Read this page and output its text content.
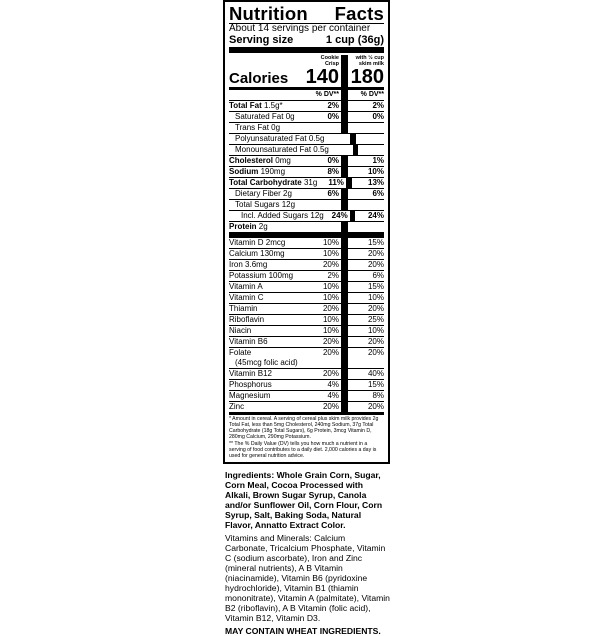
Nutrition Facts
About 14 servings per container
Serving size	1 cup (36g)
Cookie Crisp
with ½ cup skim milk
Calories 140 180
% DV**	% DV**
Total Fat 1.5g*	2%	2%
Saturated Fat 0g	0%	0%
Trans Fat 0g
Polyunsaturated Fat 0.5g
Monounsaturated Fat 0.5g
Cholesterol 0mg	0%	1%
Sodium 190mg	8%	10%
Total Carbohydrate 31g	11%	13%
Dietary Fiber 2g	6%	6%
Total Sugars 12g
Incl. Added Sugars 12g 24%	24%
Protein 2g
Vitamin D 2mcg	10%	15%
Calcium 130mg	10%	20%
Iron 3.6mg	20%	20%
Potassium 100mg	2%	6%
Vitamin A	10%	15%
Vitamin C	10%	10%
Thiamin	20%	20%
Riboflavin	10%	25%
Niacin	10%	10%
Vitamin B6	20%	20%
Folate	20%	20%
(45mcg folic acid)
Vitamin B12	20%	40%
Phosphorus	4%	15%
Magnesium	4%	8%
Zinc	20%	20%

* Amount in cereal. A serving of cereal plus skim milk provides 2g Total Fat, less than 5mg Cholesterol, 240mg Sodium, 37g Total Carbohydrate (18g Total Sugars), 6g Protein, 3mcg Vitamin D, 280mg Calcium, 290mg Potassium.

** The % Daily Value (DV) tells you how much a nutrient in a serving of food contributes to a daily diet. 2,000 calories a day is used for general nutrition advice.

Ingredients: Whole Grain Corn, Sugar, Corn Meal, Cocoa Processed with Alkali, Brown Sugar Syrup, Canola and/or Sunflower Oil, Corn Flour, Corn Syrup, Salt, Baking Soda, Natural Flavor, Annatto Extract Color.

Vitamins and Minerals: Calcium Carbonate, Tricalcium Phosphate, Vitamin C (sodium ascorbate), Iron and Zinc (mineral nutrients), A B Vitamin (niacinamide), Vitamin B6 (pyridoxine hydrochloride), Vitamin B1 (thiamin mononitrate), Vitamin A (palmitate), Vitamin B2 (riboflavin), A B Vitamin (folic acid), Vitamin B12, Vitamin D3.

MAY CONTAIN WHEAT INGREDIENTS.
